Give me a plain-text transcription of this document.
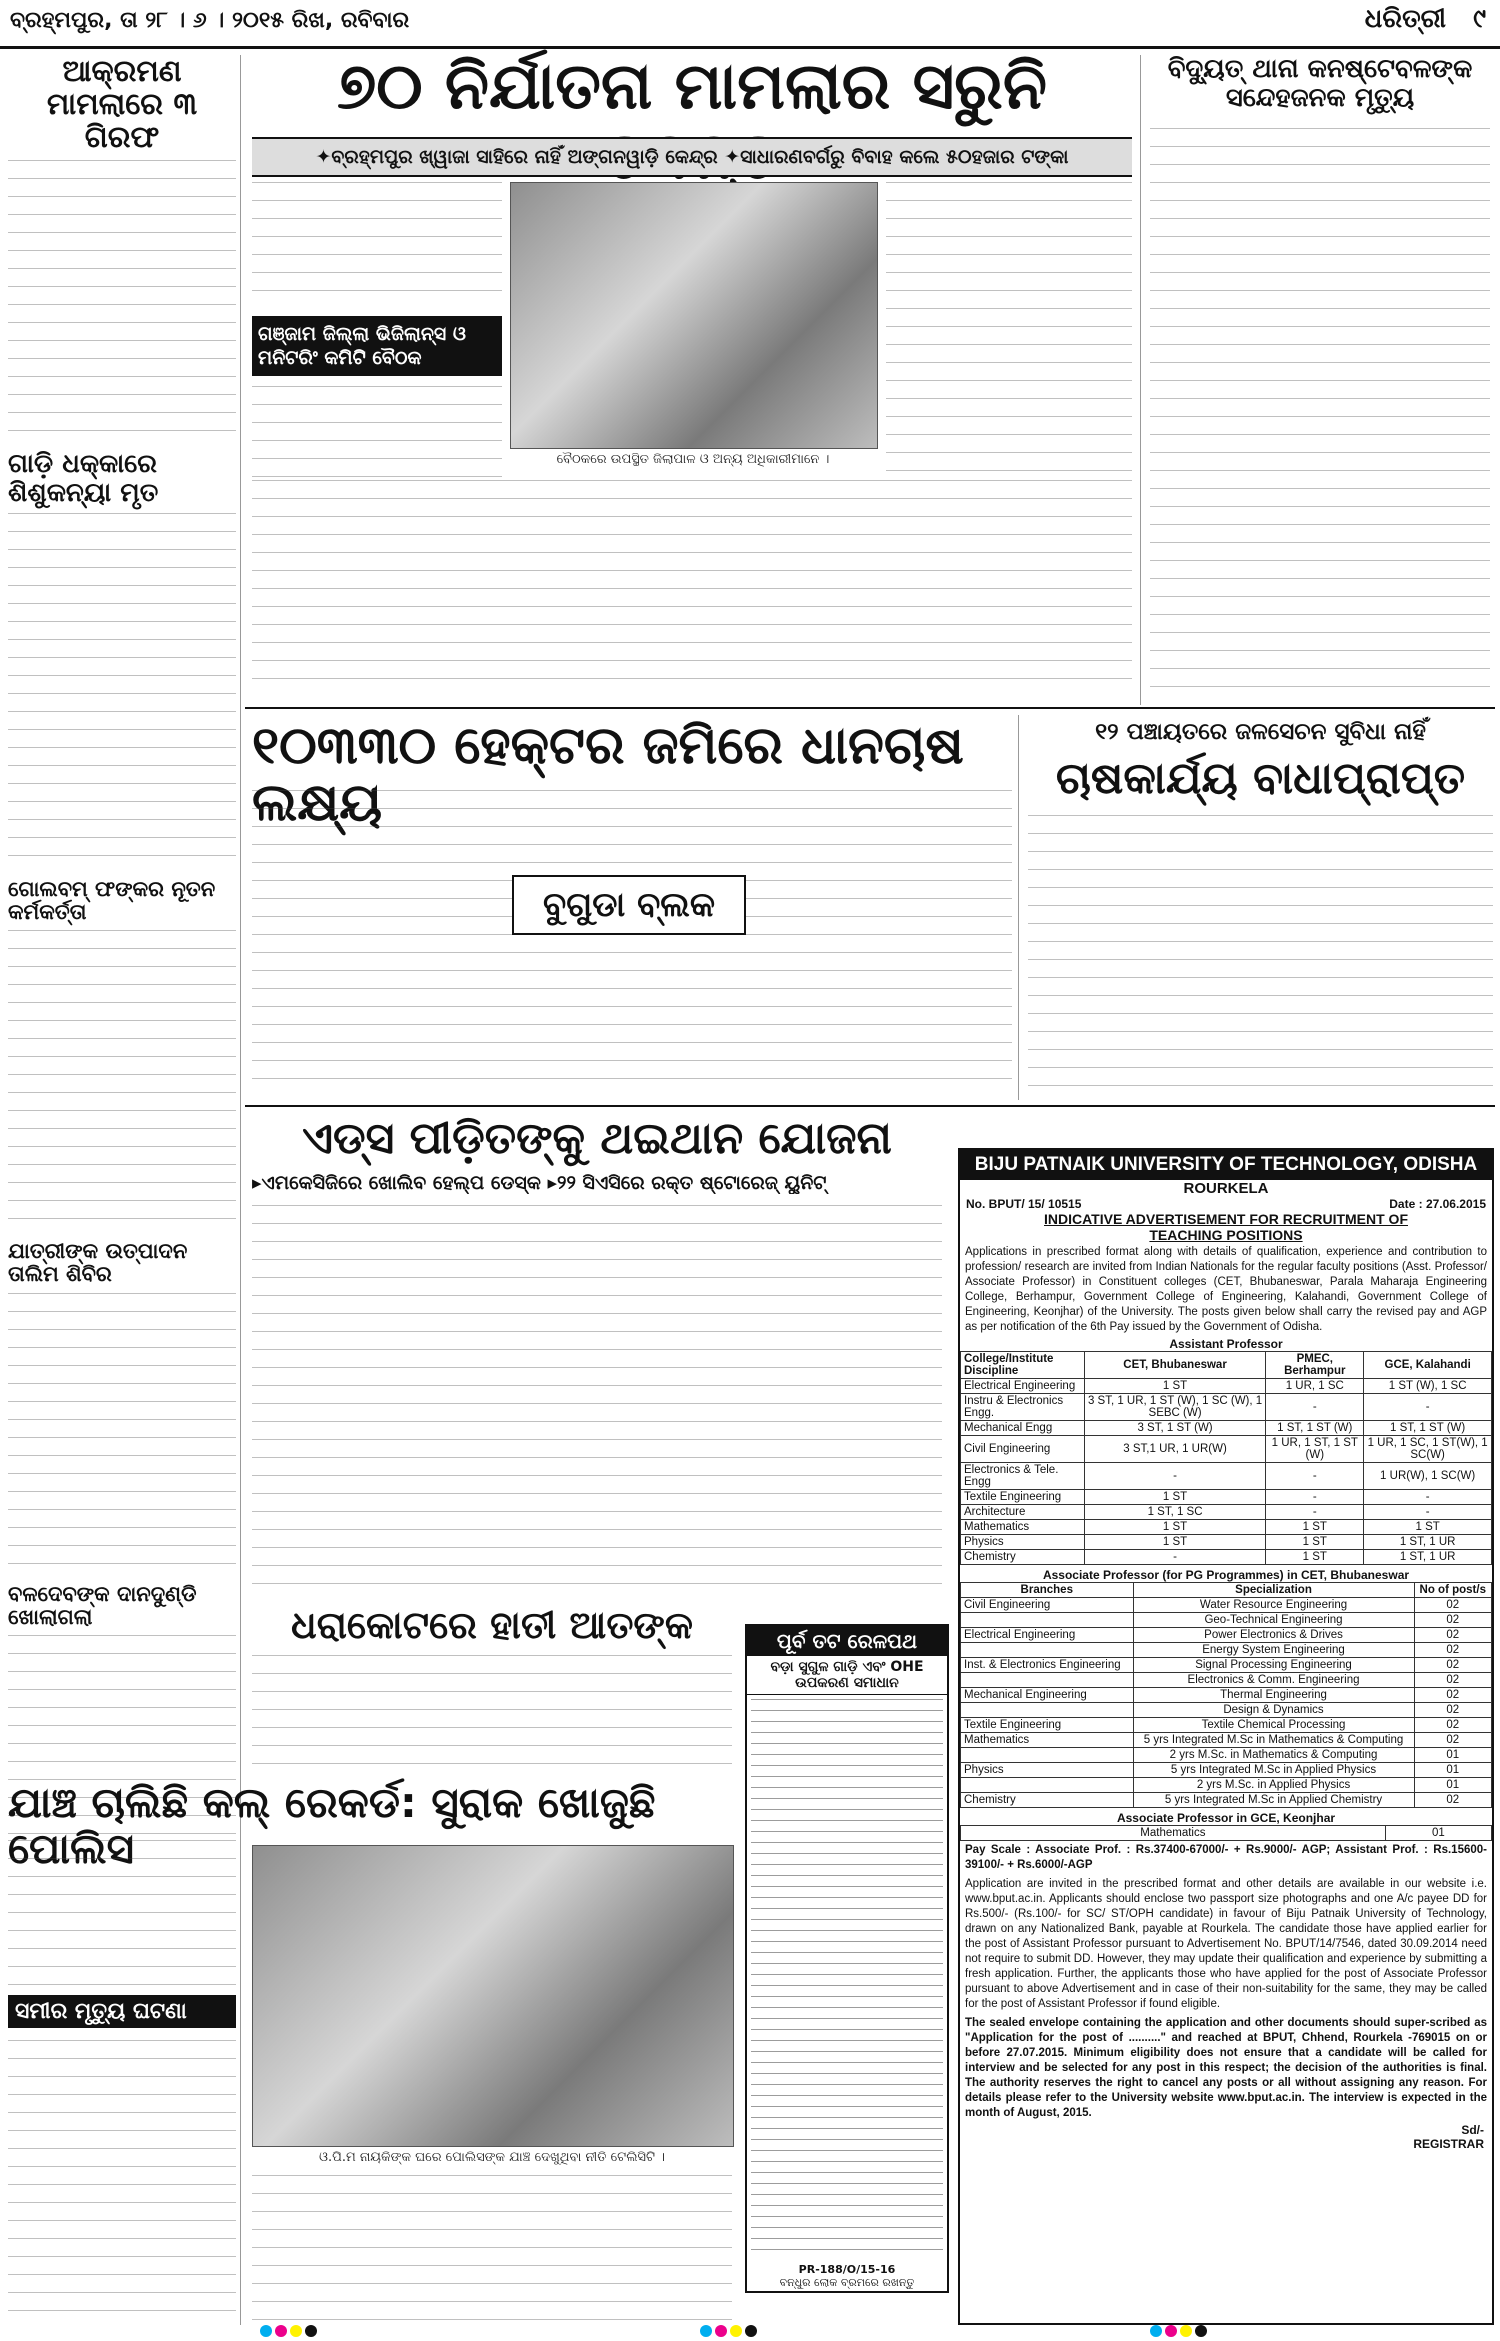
ବ୍ରହ୍ମପୁର, ତା ୨୮ । ୬ । ୨୦୧୫ ରିଖ, ରବିବାର	ଧରିତ୍ରୀ ୯
ଆକ୍ରମଣ ମାମଲାରେ ୩ ଗିରଫ
ଗାଡ଼ି ଧକ୍କାରେ ଶିଶୁକନ୍ୟା ମୃତ
ଗୋଲବମ୍ ଫଙ୍କର ନୂତନ କର୍ମକର୍ତ୍ତା
ଯାତ୍ରୀଙ୍କ ଉତ୍ପାଦନ ତାଲିମ ଶିବିର
ବଳଦେବଙ୍କ ଦାନଦୁଣ୍ଡି ଖୋଲାଗଲା
୭୦ ନିର୍ଯାତନା ମାମଲାର ସରୁନି
✦ବ୍ରହ୍ମପୁର ଖ୍ୱାଜା ସାହିରେ ନାହିଁ ଅଙ୍ଗନୱାଡ଼ି କେନ୍ଦ୍ର ✦ସାଧାରଣବର୍ଗରୁ ବିବାହ କଲେ ୫୦ହଜାର ଟଙ୍କା
ଗଞ୍ଜାମ ଜିଲ୍ଲା ଭିଜିଲାନ୍ସ ଓ ମନିଟରିଂ କମିଟି ବୈଠକ
ବୈଠକରେ ଉପସ୍ଥିତ ଜିଲାପାଳ ଓ ଅନ୍ୟ ଅଧିକାରୀମାନେ ।
ବିଦ୍ୟୁତ୍ ଥାନା କନଷ୍ଟେବଳଙ୍କ ସନ୍ଦେହଜନକ ମୃତ୍ୟୁ
୧୦୩୩୦ ହେକ୍ଟର ଜମିରେ ଧାନଚାଷ ଲକ୍ଷ୍ୟ
ବୁଗୁଡା ବ୍ଲକ
୧୨ ପଞ୍ଚାୟତରେ ଜଳସେଚନ ସୁବିଧା ନାହିଁ
ଚାଷକାର୍ଯ୍ୟ ବାଧାପ୍ରାପ୍ତ
ଏଡ୍ସ ପୀଡ଼ିତଙ୍କୁ ଥଇଥାନ ଯୋଜନା
▸ଏମକେସିଜିରେ ଖୋଲିବ ହେଲ୍ପ ଡେସ୍କ ▸୨୨ ସିଏସିରେ ରକ୍ତ ଷ୍ଟୋରେଜ୍ ୟୁନିଟ୍
ଧରାକୋଟରେ ହାତୀ ଆତଙ୍କ	ପୂର୍ବ ତଟ ରେଳପଥ
ବଡ଼ା ସୁଗୁଳ ଗାଡ଼ି ଏବଂ OHE ଉପକରଣ ସମାଧାନ
PR-188/O/15-16
ବନ୍ଧୁର ଲୋକ ବ୍ରମରେ ରଖନ୍ତୁ
ଯାଞ୍ଚ ଚାଲିଛି କଲ୍ ରେକର୍ଡ: ସୁରାକ ଖୋଜୁଛି ପୋଲିସ
ସମୀର ମୃତ୍ୟୁ ଘଟଣା
ଓ.ପି.ମ ନାୟକିଙ୍କ ଘରେ ପୋଲିସଙ୍କ ଯାଞ୍ଚ ଦେଖୁଥିବା ନୀତି ଟେଲିସିଟି ।
BIJU PATNAIK UNIVERSITY OF TECHNOLOGY, ODISHA
ROURKELA
No. BPUT/ 15/ 10515	Date : 27.06.2015
INDICATIVE ADVERTISEMENT FOR RECRUITMENT OF
TEACHING POSITIONS
Applications in prescribed format along with details of qualification, experience and contribution to profession/ research are invited from Indian Nationals for the regular faculty positions (Asst. Professor/ Associate Professor) in Constituent colleges (CET, Bhubaneswar, Parala Maharaja Engineering College, Berhampur, Government College of Engineering, Kalahandi, Government College of Engineering, Keonjhar) of the University. The posts given below shall carry the revised pay and AGP as per notification of the 6th Pay issued by the Government of Odisha.
Assistant Professor
College/Institute
Discipline	CET, Bhubaneswar	PMEC, Berhampur	GCE, Kalahandi
Electrical Engineering	1 ST	1 UR, 1 SC	1 ST (W), 1 SC
Instru & Electronics Engg.	3 ST, 1 UR, 1 ST (W), 1 SC (W), 1 SEBC (W)	-	-
Mechanical Engg	3 ST, 1 ST (W)	1 ST, 1 ST (W)	1 ST, 1 ST (W)
Civil Engineering	3 ST,1 UR, 1 UR(W)	1 UR, 1 ST, 1 ST (W)	1 UR, 1 SC, 1 ST(W), 1 SC(W)
Electronics & Tele. Engg	-	-	1 UR(W), 1 SC(W)
Textile Engineering	1 ST	-	-
Architecture	1 ST, 1 SC	-	-
Mathematics	1 ST	1 ST	1 ST
Physics	1 ST	1 ST	1 ST, 1 UR
Chemistry	-	1 ST	1 ST, 1 UR
Associate Professor (for PG Programmes) in CET, Bhubaneswar
Branches	Specialization	No of post/s
Civil Engineering	Water Resource Engineering	02
	Geo-Technical Engineering	02
Electrical Engineering	Power Electronics & Drives	02
	Energy System Engineering	02
Inst. & Electronics Engineering	Signal Processing Engineering	02
	Electronics & Comm. Engineering	02
Mechanical Engineering	Thermal Engineering	02
	Design & Dynamics	02
Textile Engineering	Textile Chemical Processing	02
Mathematics	5 yrs Integrated M.Sc in Mathematics & Computing	02
	2 yrs M.Sc. in Mathematics & Computing	01
Physics	5 yrs Integrated M.Sc in Applied Physics	01
	2 yrs M.Sc. in Applied Physics	01
Chemistry	5 yrs Integrated M.Sc in Applied Chemistry	02
Associate Professor in GCE, Keonjhar
Mathematics	01
Pay Scale : Associate Prof. : Rs.37400-67000/- + Rs.9000/- AGP; Assistant Prof. : Rs.15600-39100/- + Rs.6000/-AGP
Application are invited in the prescribed format and other details are available in our website i.e. www.bput.ac.in. Applicants should enclose two passport size photographs and one A/c payee DD for Rs.500/- (Rs.100/- for SC/ ST/OPH candidate) in favour of Biju Patnaik University of Technology, drawn on any Nationalized Bank, payable at Rourkela. The candidate those have applied earlier for the post of Assistant Professor pursuant to Advertisement No. BPUT/14/7546, dated 30.09.2014 need not require to submit DD. However, they may update their qualification and experience by submitting a fresh application. Further, the applicants those who have applied for the post of Associate Professor pursuant to above Advertisement and in case of their non-suitability for the same, they may be called for the post of Assistant Professor if found eligible.
The sealed envelope containing the application and other documents should super-scribed as "Application for the post of .........." and reached at BPUT, Chhend, Rourkela -769015 on or before 27.07.2015. Minimum eligibility does not ensure that a candidate will be called for interview and be selected for any post in this respect; the decision of the authorities is final. The authority reserves the right to cancel any posts or all without assigning any reason. For details please refer to the University website www.bput.ac.in. The interview is expected in the month of August, 2015.
Sd/-
REGISTRAR
